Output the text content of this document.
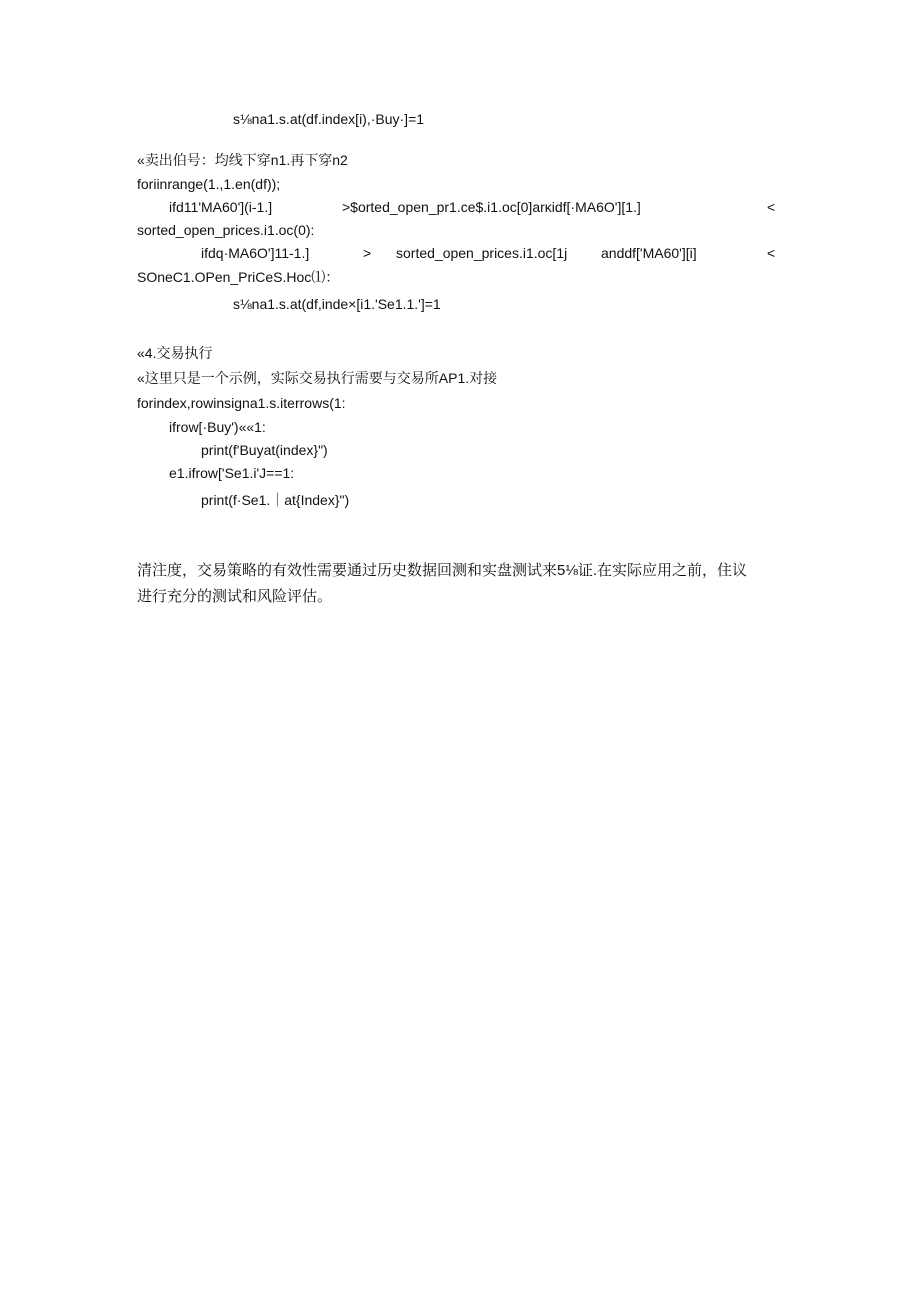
s⅛na1.s.at(df.index[i),·Buy·]=1
«卖出伯号：均线下穿n1.再下穿n2
foriinrange(1.,1.en(df));
ifd11'MA60'](i-1.]	>$orted_open_pr1.ce$.i1.oc[0]arκidf[·MA6O'][1.]	<
sorted_open_prices.i1.oc(0):
ifdq·MA6O']11-1.]	> sorted_open_prices.i1.oc[1j anddf['MA60'][i]	<
SOneC1.OPen_PriCeS.Hoc⑴：
s⅛na1.s.at(df,inde×[i1.'Se1.1.']=1
«4.交易执行
«这里只是一个示例，实际交易执行需要与交易所AP1.对接
forindex,rowinsigna1.s.iterrows(1:
ifrow[·Buy')««1:
print(f'Buyat(index}")
e1.ifrow['Se1.i'J==1:
print(f·Se1.｜at{Index}")
清注度，交易策略的有效性需要通过历史数据回测和实盘测试来5⅛证.在实际应用之前，住议
进行充分的测试和风险评估。
